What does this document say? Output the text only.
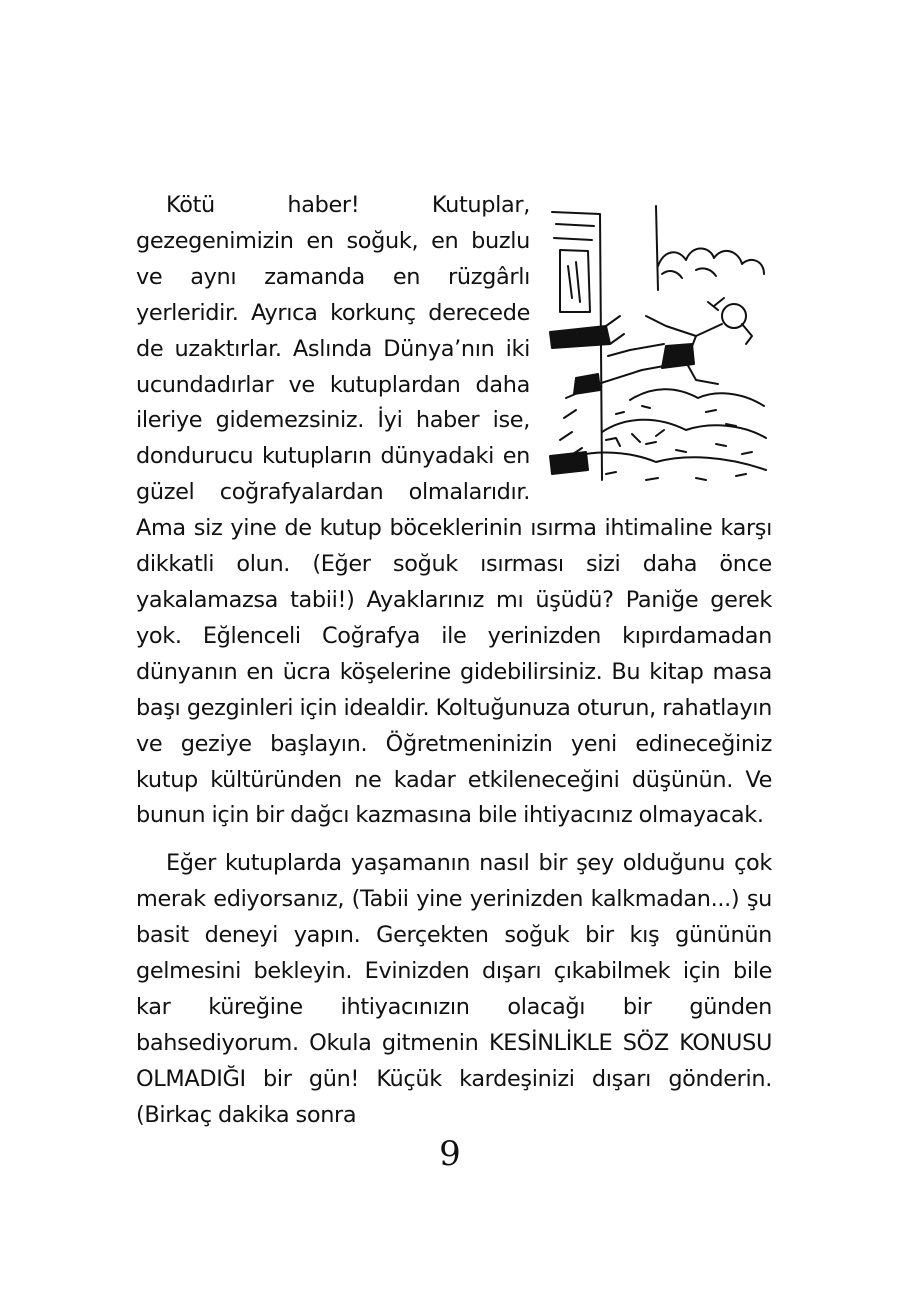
Kötü haber! Kutuplar, gezegenimizin en soğuk, en buzlu ve aynı zamanda en rüzgârlı yerleridir. Ayrıca korkunç derecede de uzaktırlar. Aslında Dünya’nın iki ucundadırlar ve kutuplardan daha ileriye gidemezsiniz. İyi haber ise, dondurucu kutupların dünyadaki en güzel coğrafyalardan olmalarıdır. Ama siz yine de kutup böceklerinin ısırma ihtimaline karşı dikkatli olun. (Eğer soğuk ısırması sizi daha önce yakalamazsa tabii!) Ayaklarınız mı üşüdü? Paniğe gerek yok. Eğlenceli Coğrafya ile yerinizden kıpırdamadan dünyanın en ücra köşelerine gidebilirsiniz. Bu kitap masa başı gezginleri için idealdir. Koltuğunuza oturun, rahatlayın ve geziye başlayın. Öğretmeninizin yeni edineceğiniz kutup kültüründen ne kadar etkileneceğini düşünün. Ve bunun için bir dağcı kazmasına bile ihtiyacınız olmayacak.

Eğer kutuplarda yaşamanın nasıl bir şey olduğunu çok merak ediyorsanız, (Tabii yine yerinizden kalkmadan...) şu basit deneyi yapın. Gerçekten soğuk bir kış gününün gelmesini bekleyin. Evinizden dışarı çıkabilmek için bile kar küreğine ihtiyacınızın olacağı bir günden bahsediyorum. Okula gitmenin KESİNLİKLE SÖZ KONUSU OLMADIĞI bir gün! Küçük kardeşinizi dışarı gönderin. (Birkaç dakika sonra

9
